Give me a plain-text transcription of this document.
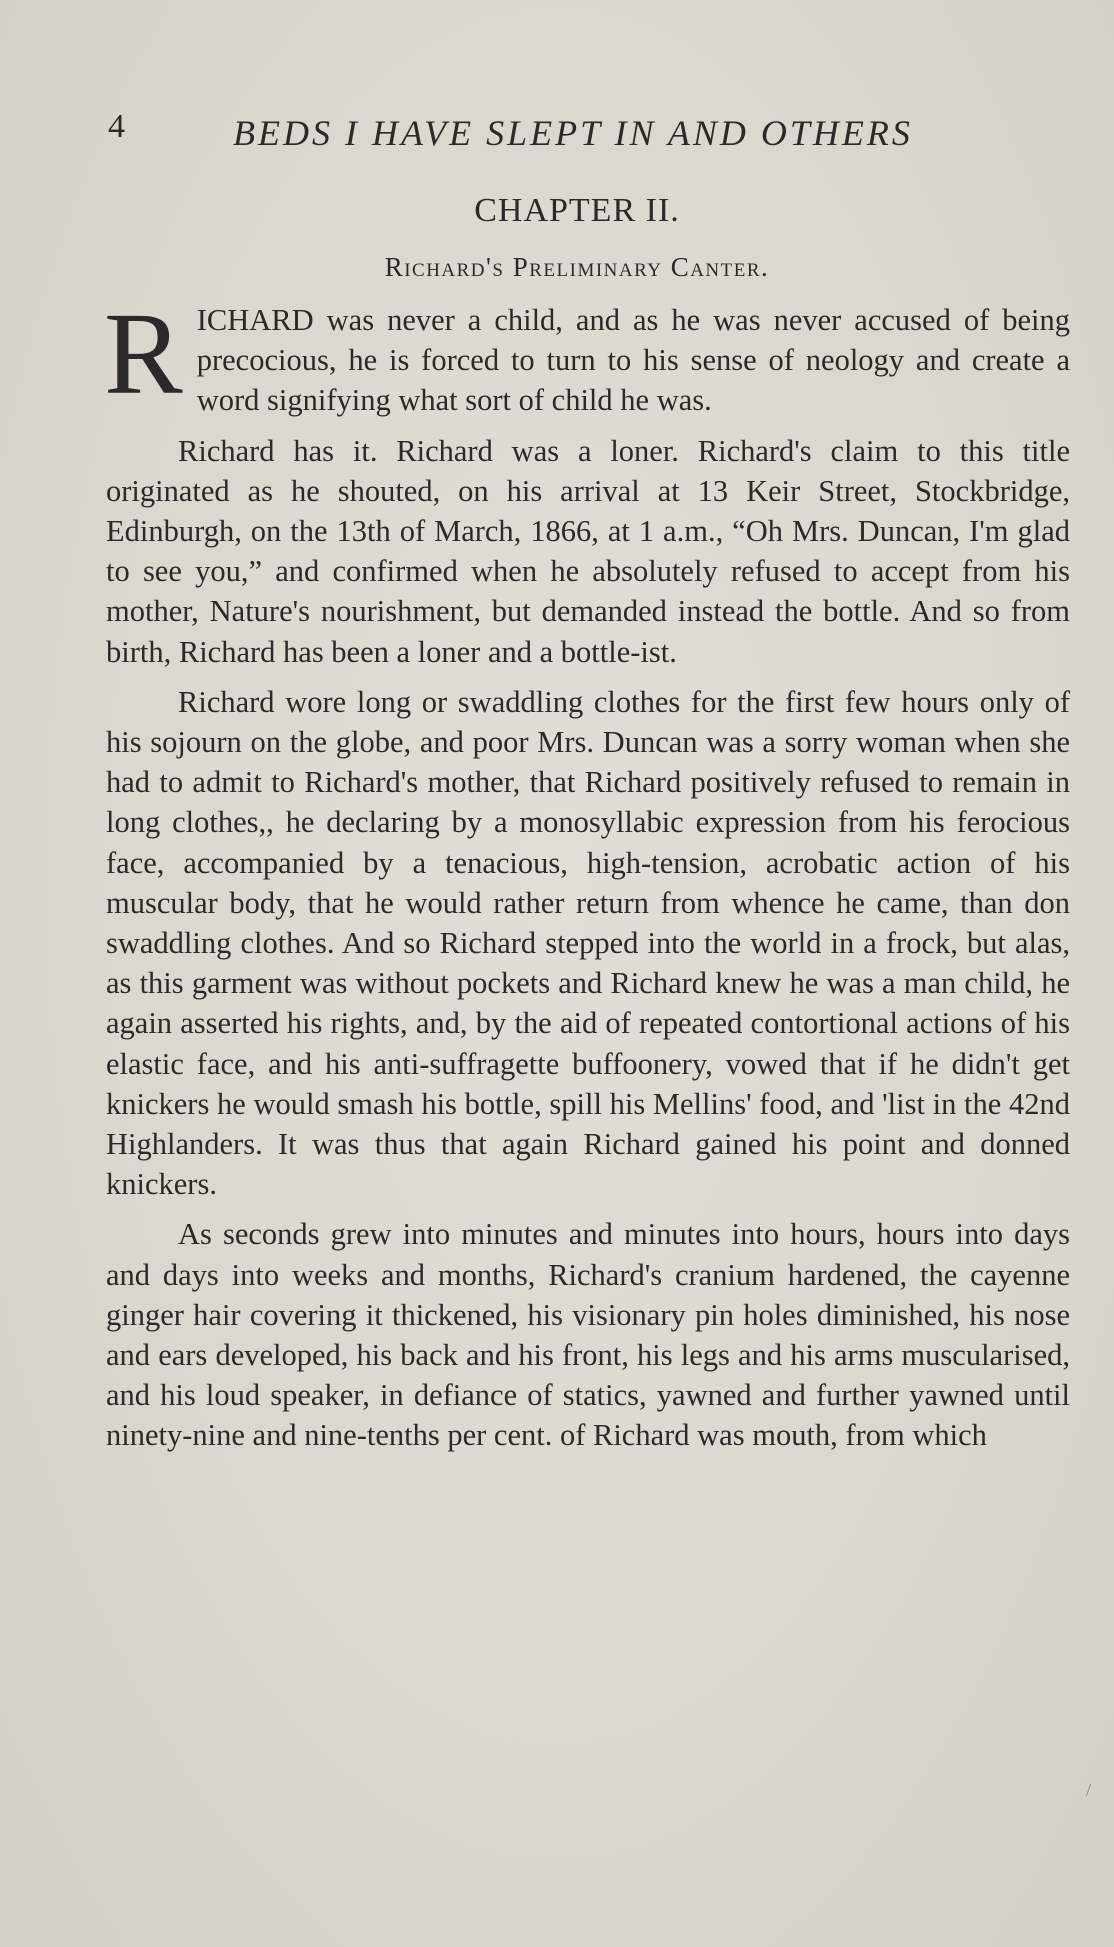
4	BEDS I HAVE SLEPT IN AND OTHERS
CHAPTER II.
Richard's Preliminary Canter.

RICHARD was never a child, and as he was never accused of being precocious, he is forced to turn to his sense of neology and create a word signifying what sort of child he was.

Richard has it. Richard was a loner. Richard's claim to this title originated as he shouted, on his arrival at 13 Keir Street, Stockbridge, Edinburgh, on the 13th of March, 1866, at 1 a.m., “Oh Mrs. Duncan, I'm glad to see you,” and confirmed when he absolutely refused to accept from his mother, Nature's nourishment, but demanded instead the bottle. And so from birth, Richard has been a loner and a bottle-ist.

Richard wore long or swaddling clothes for the first few hours only of his sojourn on the globe, and poor Mrs. Duncan was a sorry woman when she had to admit to Richard's mother, that Richard positively refused to remain in long clothes,, he declaring by a monosyllabic expression from his ferocious face, accompanied by a tenacious, high-tension, acrobatic action of his muscular body, that he would rather return from whence he came, than don swaddling clothes. And so Richard stepped into the world in a frock, but alas, as this garment was without pockets and Richard knew he was a man child, he again asserted his rights, and, by the aid of repeated contortional actions of his elastic face, and his anti-suffragette buffoonery, vowed that if he didn't get knickers he would smash his bottle, spill his Mellins' food, and 'list in the 42nd Highlanders. It was thus that again Richard gained his point and donned knickers.

As seconds grew into minutes and minutes into hours, hours into days and days into weeks and months, Richard's cranium hardened, the cayenne ginger hair covering it thickened, his visionary pin holes diminished, his nose and ears developed, his back and his front, his legs and his arms muscularised, and his loud speaker, in defiance of statics, yawned and further yawned until ninety-nine and nine-tenths per cent. of Richard was mouth, from which

/
